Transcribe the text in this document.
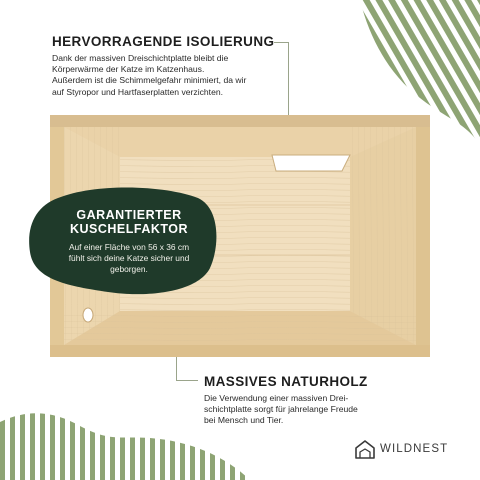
HERVORRAGENDE ISOLIERUNG
Dank der massiven Dreischichtplatte bleibt die
Körperwärme der Katze im Katzenhaus.
Außerdem ist die Schimmelgefahr minimiert, da wir
auf Styropor und Hartfaserplatten verzichten.
GARANTIERTER
KUSCHELFAKTOR
Auf einer Fläche von 56 x 36 cm
fühlt sich deine Katze sicher und
geborgen.
MASSIVES NATURHOLZ
Die Verwendung einer massiven Drei-
schichtplatte sorgt für jahrelange Freude
bei Mensch und Tier.
WILDNEST
